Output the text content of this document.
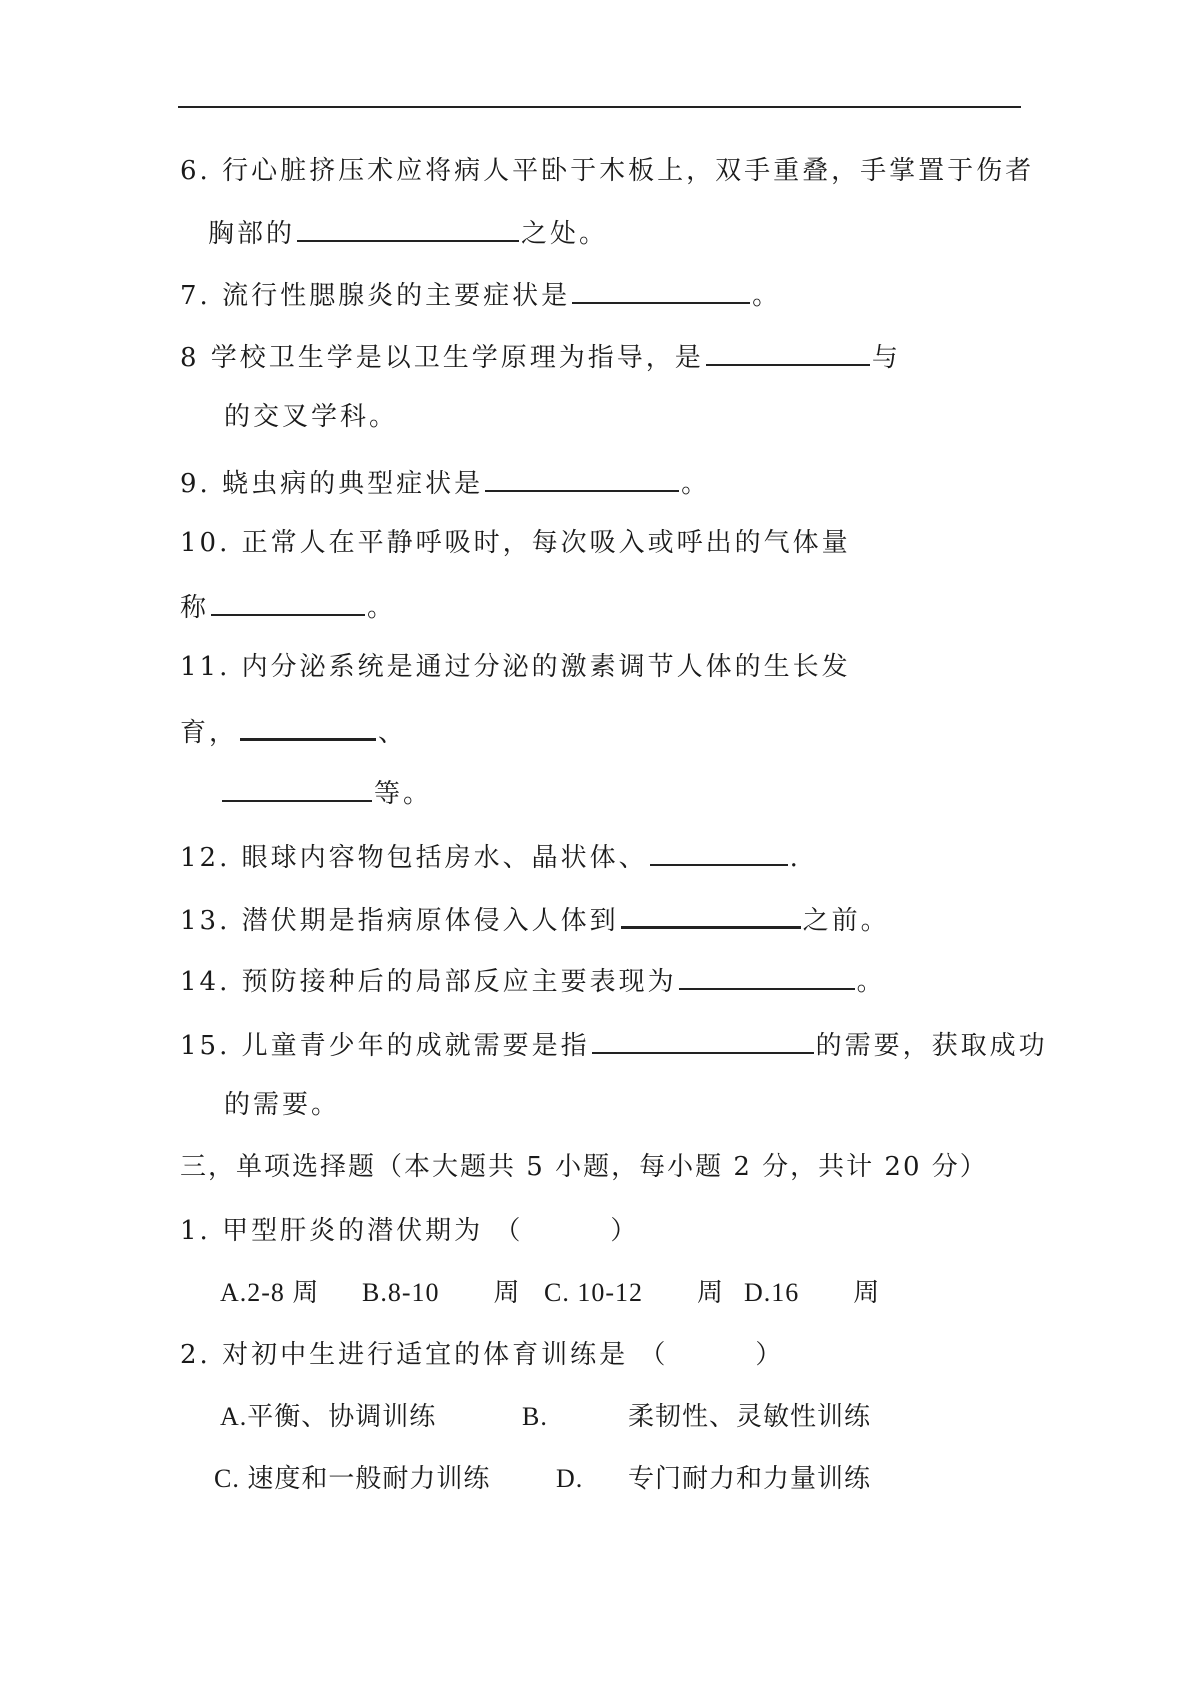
6. 行心脏挤压术应将病人平卧于木板上，双手重叠，手掌置于伤者
胸部的	之处。
7. 流行性腮腺炎的主要症状是	。
8 学校卫生学是以卫生学原理为指导，是	与
的交叉学科。
9. 蛲虫病的典型症状是	。
10. 正常人在平静呼吸时，每次吸入或呼出的气体量
称	。
11. 内分泌系统是通过分泌的激素调节人体的生长发
育，	、
等。
12. 眼球内容物包括房水、晶状体、	.
13. 潜伏期是指病原体侵入人体到	之前。
14. 预防接种后的局部反应主要表现为	。
15. 儿童青少年的成就需要是指	的需要，获取成功
的需要。
三，单项选择题（本大题共 5 小题，每小题 2 分，共计 20 分）
1. 甲型肝炎的潜伏期为 （　　　）
A.2-8 周 B.8-10　　周 C. 10-12　　周 D.16　　周
2. 对初中生进行适宜的体育训练是 （　　　）
A.平衡、协调训练	B.	柔韧性、灵敏性训练
C. 速度和一般耐力训练	D. 专门耐力和力量训练
